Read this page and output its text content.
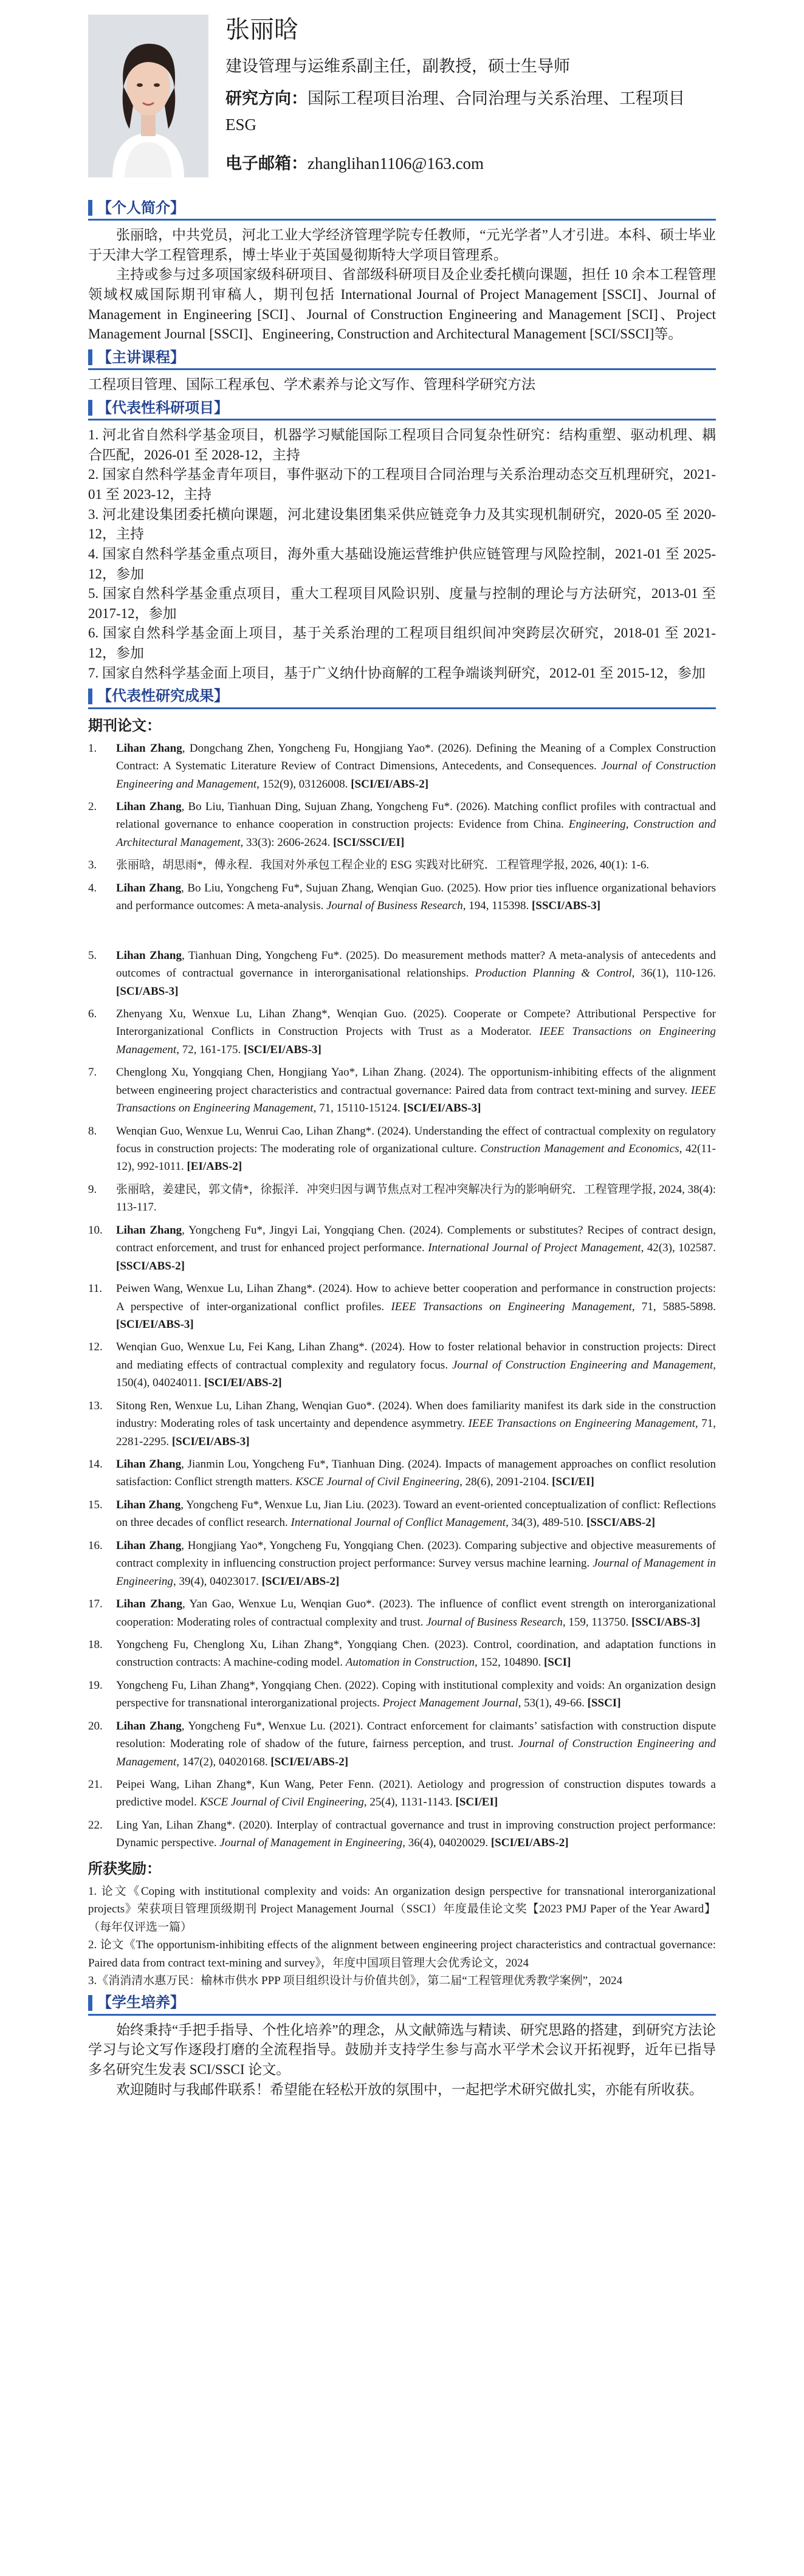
张丽晗
建设管理与运维系副主任，副教授，硕士生导师
研究方向：国际工程项目治理、合同治理与关系治理、工程项目 ESG
电子邮箱：zhanglihan1106@163.com
【个人简介】

张丽晗，中共党员，河北工业大学经济管理学院专任教师，“元光学者”人才引进。本科、硕士毕业于天津大学工程管理系，博士毕业于英国曼彻斯特大学项目管理系。

主持或参与过多项国家级科研项目、省部级科研项目及企业委托横向课题，担任 10 余本工程管理领域权威国际期刊审稿人，期刊包括 International Journal of Project Management [SSCI]、Journal of Management in Engineering [SCI]、Journal of Construction Engineering and Management [SCI]、Project Management Journal [SSCI]、Engineering, Construction and Architectural Management [SCI/SSCI]等。

【主讲课程】
工程项目管理、国际工程承包、学术素养与论文写作、管理科学研究方法
【代表性科研项目】
1. 河北省自然科学基金项目，机器学习赋能国际工程项目合同复杂性研究：结构重塑、驱动机理、耦合匹配，2026-01 至 2028-12，主持
2. 国家自然科学基金青年项目，事件驱动下的工程项目合同治理与关系治理动态交互机理研究，2021-01 至 2023-12，主持
3. 河北建设集团委托横向课题，河北建设集团集采供应链竞争力及其实现机制研究，2020-05 至 2020-12，主持
4. 国家自然科学基金重点项目，海外重大基础设施运营维护供应链管理与风险控制，2021-01 至 2025-12，参加
5. 国家自然科学基金重点项目，重大工程项目风险识别、度量与控制的理论与方法研究，2013-01 至 2017-12，参加
6. 国家自然科学基金面上项目，基于关系治理的工程项目组织间冲突跨层次研究，2018-01 至 2021-12，参加
7. 国家自然科学基金面上项目，基于广义纳什协商解的工程争端谈判研究，2012-01 至 2015-12，参加
【代表性研究成果】
期刊论文：
1.	Lihan Zhang, Dongchang Zhen, Yongcheng Fu, Hongjiang Yao*. (2026). Defining the Meaning of a Complex Construction Contract: A Systematic Literature Review of Contract Dimensions, Antecedents, and Consequences. Journal of Construction Engineering and Management, 152(9), 03126008. [SCI/EI/ABS-2]
2.	Lihan Zhang, Bo Liu, Tianhuan Ding, Sujuan Zhang, Yongcheng Fu*. (2026). Matching conflict profiles with contractual and relational governance to enhance cooperation in construction projects: Evidence from China. Engineering, Construction and Architectural Management, 33(3): 2606-2624. [SCI/SSCI/EI]
3.	张丽晗，胡思雨*，傅永程．我国对外承包工程企业的 ESG 实践对比研究．工程管理学报, 2026, 40(1): 1-6.
4.	Lihan Zhang, Bo Liu, Yongcheng Fu*, Sujuan Zhang, Wenqian Guo. (2025). How prior ties influence organizational behaviors and performance outcomes: A meta-analysis. Journal of Business Research, 194, 115398. [SSCI/ABS-3]
5.	Lihan Zhang, Tianhuan Ding, Yongcheng Fu*. (2025). Do measurement methods matter? A meta-analysis of antecedents and outcomes of contractual governance in interorganisational relationships. Production Planning & Control, 36(1), 110-126. [SCI/ABS-3]
6.	Zhenyang Xu, Wenxue Lu, Lihan Zhang*, Wenqian Guo. (2025). Cooperate or Compete? Attributional Perspective for Interorganizational Conflicts in Construction Projects with Trust as a Moderator. IEEE Transactions on Engineering Management, 72, 161-175. [SCI/EI/ABS-3]
7.	Chenglong Xu, Yongqiang Chen, Hongjiang Yao*, Lihan Zhang. (2024). The opportunism-inhibiting effects of the alignment between engineering project characteristics and contractual governance: Paired data from contract text-mining and survey. IEEE Transactions on Engineering Management, 71, 15110-15124. [SCI/EI/ABS-3]
8.	Wenqian Guo, Wenxue Lu, Wenrui Cao, Lihan Zhang*. (2024). Understanding the effect of contractual complexity on regulatory focus in construction projects: The moderating role of organizational culture. Construction Management and Economics, 42(11-12), 992-1011. [EI/ABS-2]
9.	张丽晗，姜建民，郭文倩*，徐振洋．冲突归因与调节焦点对工程冲突解决行为的影响研究．工程管理学报, 2024, 38(4): 113-117.
10.	Lihan Zhang, Yongcheng Fu*, Jingyi Lai, Yongqiang Chen. (2024). Complements or substitutes? Recipes of contract design, contract enforcement, and trust for enhanced project performance. International Journal of Project Management, 42(3), 102587. [SSCI/ABS-2]
11.	Peiwen Wang, Wenxue Lu, Lihan Zhang*. (2024). How to achieve better cooperation and performance in construction projects: A perspective of inter-organizational conflict profiles. IEEE Transactions on Engineering Management, 71, 5885-5898. [SCI/EI/ABS-3]
12.	Wenqian Guo, Wenxue Lu, Fei Kang, Lihan Zhang*. (2024). How to foster relational behavior in construction projects: Direct and mediating effects of contractual complexity and regulatory focus. Journal of Construction Engineering and Management, 150(4), 04024011. [SCI/EI/ABS-2]
13.	Sitong Ren, Wenxue Lu, Lihan Zhang, Wenqian Guo*. (2024). When does familiarity manifest its dark side in the construction industry: Moderating roles of task uncertainty and dependence asymmetry. IEEE Transactions on Engineering Management, 71, 2281-2295. [SCI/EI/ABS-3]
14.	Lihan Zhang, Jianmin Lou, Yongcheng Fu*, Tianhuan Ding. (2024). Impacts of management approaches on conflict resolution satisfaction: Conflict strength matters. KSCE Journal of Civil Engineering, 28(6), 2091-2104. [SCI/EI]
15.	Lihan Zhang, Yongcheng Fu*, Wenxue Lu, Jian Liu. (2023). Toward an event-oriented conceptualization of conflict: Reflections on three decades of conflict research. International Journal of Conflict Management, 34(3), 489-510. [SSCI/ABS-2]
16.	Lihan Zhang, Hongjiang Yao*, Yongcheng Fu, Yongqiang Chen. (2023). Comparing subjective and objective measurements of contract complexity in influencing construction project performance: Survey versus machine learning. Journal of Management in Engineering, 39(4), 04023017. [SCI/EI/ABS-2]
17.	Lihan Zhang, Yan Gao, Wenxue Lu, Wenqian Guo*. (2023). The influence of conflict event strength on interorganizational cooperation: Moderating roles of contractual complexity and trust. Journal of Business Research, 159, 113750. [SSCI/ABS-3]
18.	Yongcheng Fu, Chenglong Xu, Lihan Zhang*, Yongqiang Chen. (2023). Control, coordination, and adaptation functions in construction contracts: A machine-coding model. Automation in Construction, 152, 104890. [SCI]
19.	Yongcheng Fu, Lihan Zhang*, Yongqiang Chen. (2022). Coping with institutional complexity and voids: An organization design perspective for transnational interorganizational projects. Project Management Journal, 53(1), 49-66. [SSCI]
20.	Lihan Zhang, Yongcheng Fu*, Wenxue Lu. (2021). Contract enforcement for claimants’ satisfaction with construction dispute resolution: Moderating role of shadow of the future, fairness perception, and trust. Journal of Construction Engineering and Management, 147(2), 04020168. [SCI/EI/ABS-2]
21.	Peipei Wang, Lihan Zhang*, Kun Wang, Peter Fenn. (2021). Aetiology and progression of construction disputes towards a predictive model. KSCE Journal of Civil Engineering, 25(4), 1131-1143. [SCI/EI]
22.	Ling Yan, Lihan Zhang*. (2020). Interplay of contractual governance and trust in improving construction project performance: Dynamic perspective. Journal of Management in Engineering, 36(4), 04020029. [SCI/EI/ABS-2]
所获奖励：
1. 论文《Coping with institutional complexity and voids: An organization design perspective for transnational interorganizational projects》荣获项目管理顶级期刊 Project Management Journal（SSCI）年度最佳论文奖【2023 PMJ Paper of the Year Award】（每年仅评选一篇）
2. 论文《The opportunism-inhibiting effects of the alignment between engineering project characteristics and contractual governance: Paired data from contract text-mining and survey》，年度中国项目管理大会优秀论文，2024
3.《消消清水惠万民：榆林市供水 PPP 项目组织设计与价值共创》，第二届“工程管理优秀教学案例”，2024
【学生培养】

始终秉持“手把手指导、个性化培养”的理念，从文献筛选与精读、研究思路的搭建，到研究方法论学习与论文写作逐段打磨的全流程指导。鼓励并支持学生参与高水平学术会议开拓视野，近年已指导多名研究生发表 SCI/SSCI 论文。

欢迎随时与我邮件联系！希望能在轻松开放的氛围中，一起把学术研究做扎实，亦能有所收获。
